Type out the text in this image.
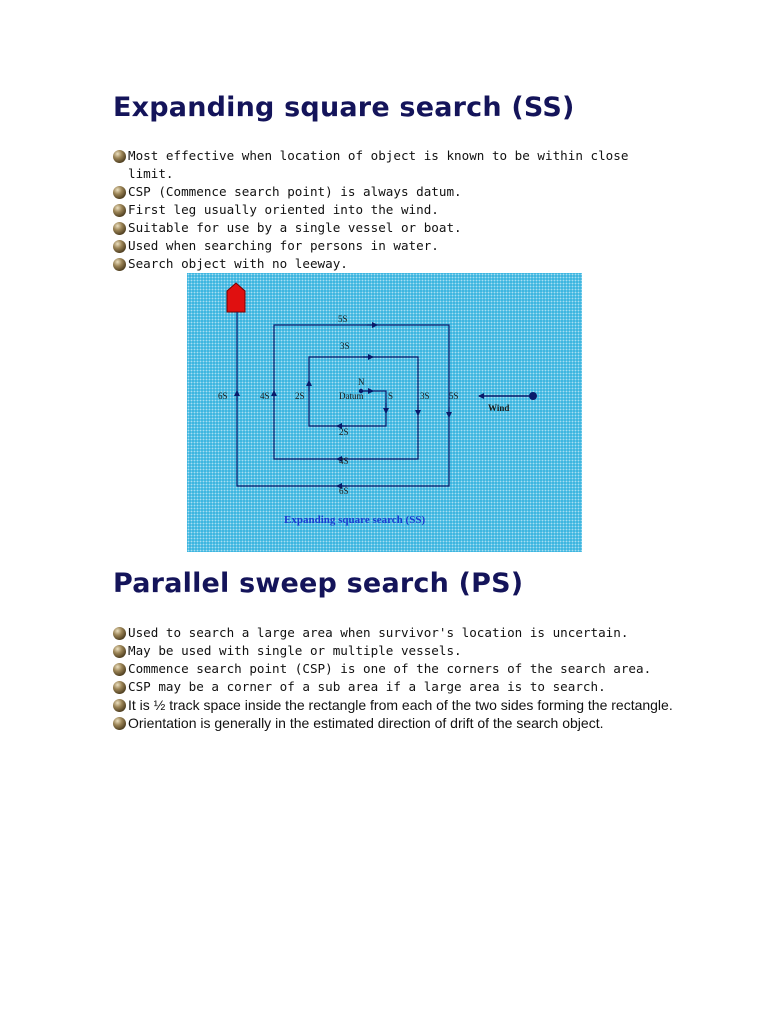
Expanding square search (SS)
Most effective when location of object is known to be within close limit.
CSP (Commence search point) is always datum.
First leg usually oriented into the wind.
Suitable for use by a single vessel or boat.
Used when searching for persons in water.
Search object with no leeway.
5S
3S
N
Datum	S
6S	4S	2S	3S 5S
Wind
2S
4S
6S
Expanding square search (SS)
Parallel sweep search (PS)
Used to search a large area when survivor's location is uncertain.
May be used with single or multiple vessels.
Commence search point (CSP) is one of the corners of the search area.
CSP may be a corner of a sub area if a large area is to search.
It is ½ track space inside the rectangle from each of the two sides forming the rectangle.
Orientation is generally in the estimated direction of drift of the search object.
